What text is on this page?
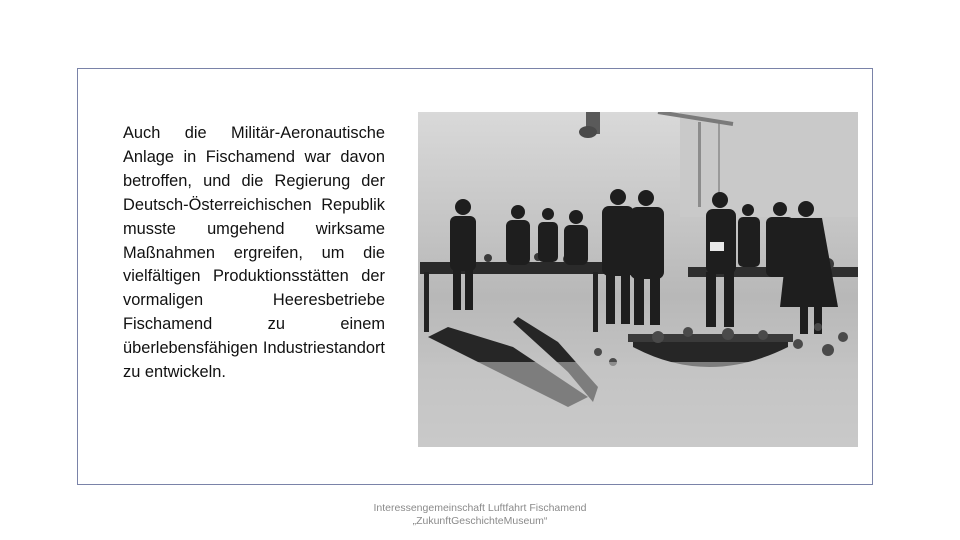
Auch die Militär-Aeronautische Anlage in Fischamend war davon betroffen, und die Regierung der Deutsch-Österreichischen Republik musste umgehend wirksame Maßnahmen ergreifen, um die vielfältigen Produktionsstätten der vormaligen Heeresbetriebe Fischamend zu einem überlebensfähigen Industriestandort zu entwickeln.

Interessengemeinschaft Luftfahrt Fischamend
„ZukunftGeschichteMuseum“
